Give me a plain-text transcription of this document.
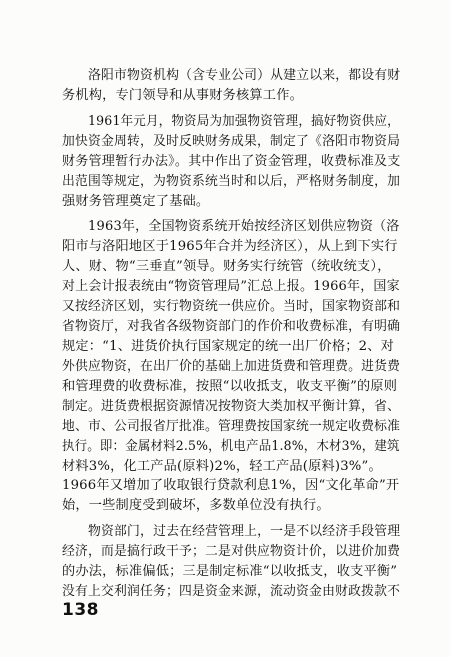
洛阳市物资机构（含专业公司）从建立以来，都设有财
务机构，专门领导和从事财务核算工作。
1961年元月，物资局为加强物资管理，搞好物资供应，
加快资金周转，及时反映财务成果，制定了《洛阳市物资局
财务管理暂行办法》。其中作出了资金管理，收费标准及支
出范围等规定，为物资系统当时和以后，严格财务制度，加
强财务管理奠定了基础。
1963年，全国物资系统开始按经济区划供应物资（洛
阳市与洛阳地区于1965年合并为经济区），从上到下实行
人、财、物“三垂直”领导。财务实行统管（统收统支），
对上会计报表统由“物资管理局”汇总上报。1966年，国家
又按经济区划，实行物资统一供应价。当时，国家物资部和
省物资厅，对我省各级物资部门的作价和收费标准，有明确
规定：“1、进货价执行国家规定的统一出厂价格；2、对
外供应物资，在出厂价的基础上加进货费和管理费。进货费
和管理费的收费标准，按照“以收抵支，收支平衡”的原则
制定。进货费根据资源情况按物资大类加权平衡计算，省、
地、市、公司报省厅批准。管理费按国家统一规定收费标准
执行。即：金属材料2.5%，机电产品1.8%，木材3%，建筑
材料3%，化工产品(原料)2%，轻工产品(原料)3%”。
1966年又增加了收取银行贷款利息1%，因“文化革命”开
始，一些制度受到破坏，多数单位没有执行。
物资部门，过去在经营管理上，一是不以经济手段管理
经济，而是搞行政干予；二是对供应物资计价，以进价加费
的办法，标准偏低；三是制定标准“以收抵支，收支平衡”
没有上交利润任务；四是资金来源，流动资金由财政拨款不
138
